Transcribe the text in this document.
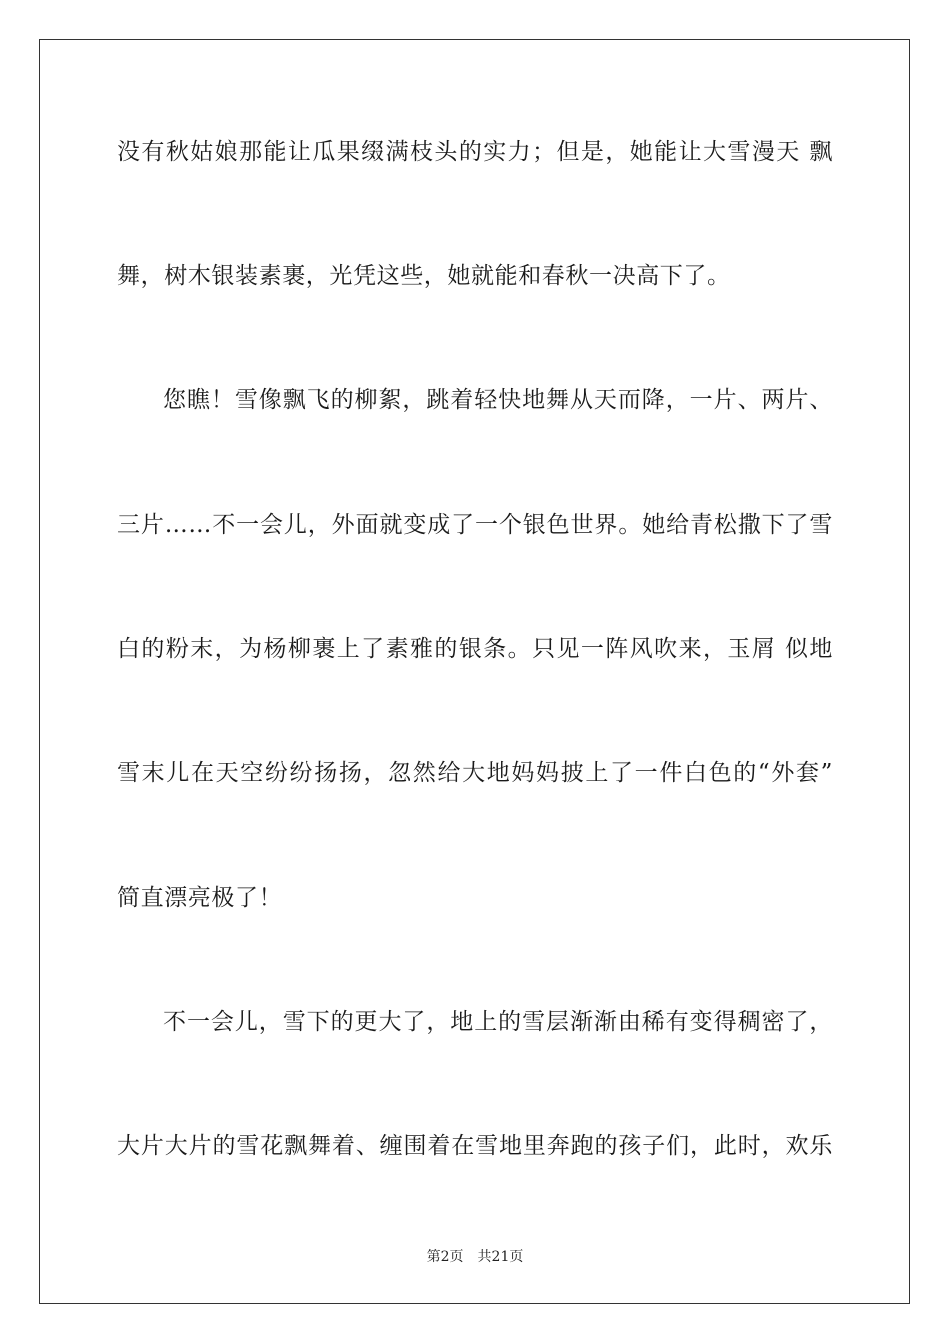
没有秋姑娘那能让瓜果缀满枝头的实力；但是，她能让大雪漫天 飘
舞，树木银装素裹，光凭这些，她就能和春秋一决高下了。
您瞧！雪像飘飞的柳絮，跳着轻快地舞从天而降，一片、两片、
三片……不一会儿，外面就变成了一个银色世界。她给青松撒下了雪
白的粉末，为杨柳裹上了素雅的银条。只见一阵风吹来，玉屑 似地
雪末儿在天空纷纷扬扬，忽然给大地妈妈披上了一件白色的“外套”
简直漂亮极了！
不一会儿，雪下的更大了，地上的雪层渐渐由稀有变得稠密了，
大片大片的雪花飘舞着、缠围着在雪地里奔跑的孩子们，此时，欢乐
第2页 共21页
